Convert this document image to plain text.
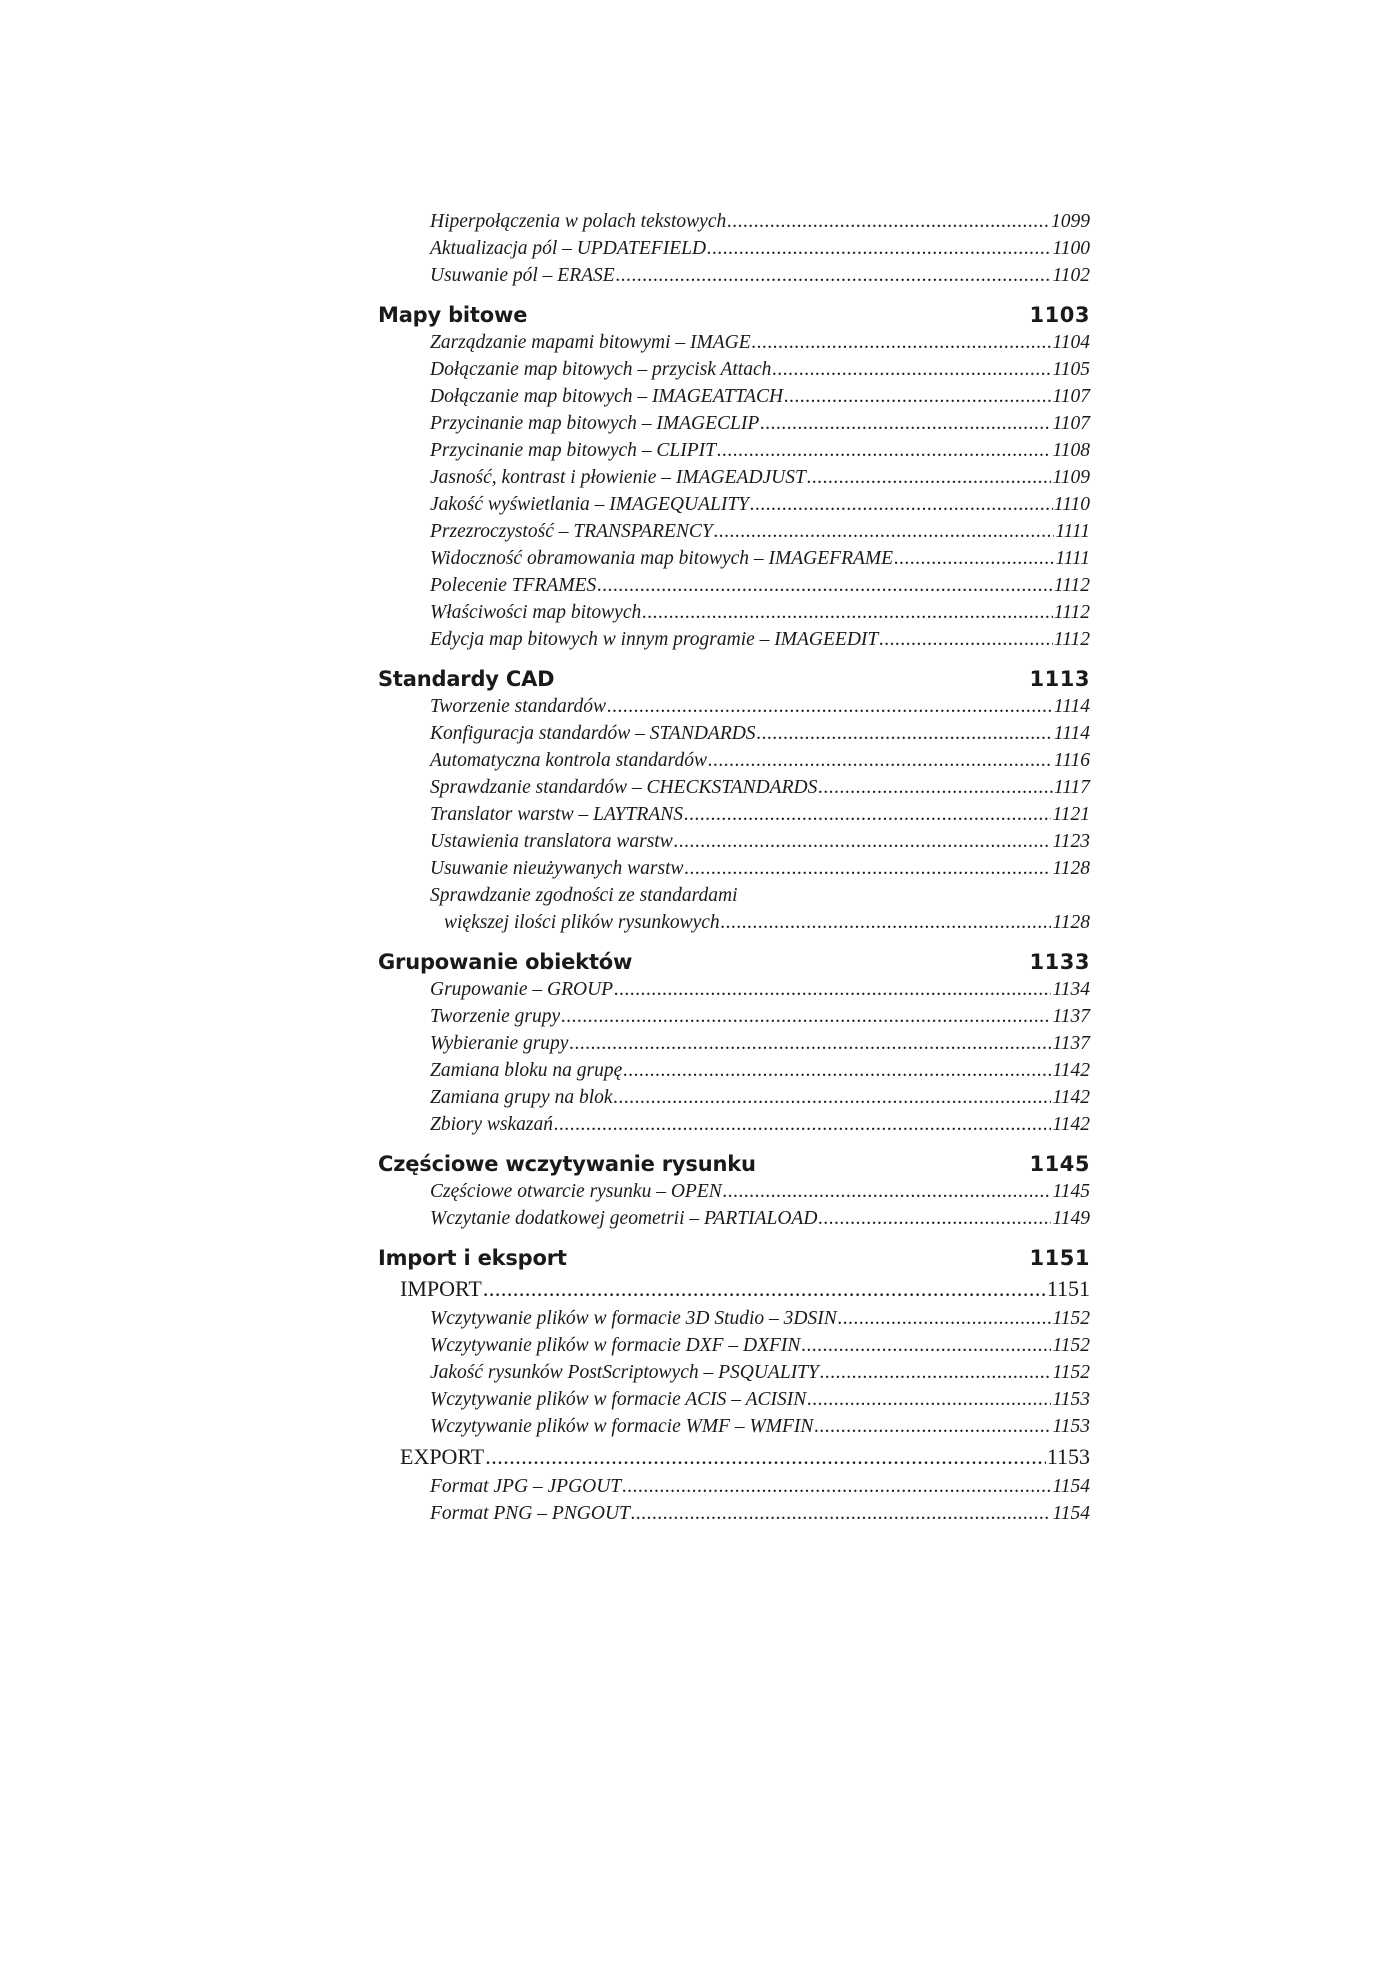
Hiperpołączenia w polach tekstowych .....	1099
Aktualizacja pól – UPDATEFIELD .....	1100
Usuwanie pól – ERASE .....	1102
Mapy bitowe	1103
Zarządzanie mapami bitowymi – IMAGE .....	1104
Dołączanie map bitowych – przycisk Attach .....	1105
Dołączanie map bitowych – IMAGEATTACH .....	1107
Przycinanie map bitowych – IMAGECLIP .....	1107
Przycinanie map bitowych – CLIPIT .....	1108
Jasność, kontrast i płowienie – IMAGEADJUST .....	1109
Jakość wyświetlania – IMAGEQUALITY .....	1110
Przezroczystość – TRANSPARENCY .....	1111
Widoczność obramowania map bitowych – IMAGEFRAME .....	1111
Polecenie TFRAMES .....	1112
Właściwości map bitowych .....	1112
Edycja map bitowych w innym programie – IMAGEEDIT .....	1112
Standardy CAD	1113
Tworzenie standardów .....	1114
Konfiguracja standardów – STANDARDS .....	1114
Automatyczna kontrola standardów .....	1116
Sprawdzanie standardów – CHECKSTANDARDS .....	1117
Translator warstw – LAYTRANS .....	1121
Ustawienia translatora warstw .....	1123
Usuwanie nieużywanych warstw .....	1128
Sprawdzanie zgodności ze standardami
większej ilości plików rysunkowych .....	1128
Grupowanie obiektów	1133
Grupowanie – GROUP .....	1134
Tworzenie grupy .....	1137
Wybieranie grupy .....	1137
Zamiana bloku na grupę .....	1142
Zamiana grupy na blok .....	1142
Zbiory wskazań .....	1142
Częściowe wczytywanie rysunku	1145
Częściowe otwarcie rysunku – OPEN .....	1145
Wczytanie dodatkowej geometrii – PARTIALOAD .....	1149
Import i eksport	1151
IMPORT .....	1151
Wczytywanie plików w formacie 3D Studio – 3DSIN .....	1152
Wczytywanie plików w formacie DXF – DXFIN .....	1152
Jakość rysunków PostScriptowych – PSQUALITY .....	1152
Wczytywanie plików w formacie ACIS – ACISIN .....	1153
Wczytywanie plików w formacie WMF – WMFIN .....	1153
EXPORT .....	1153
Format JPG – JPGOUT .....	1154
Format PNG – PNGOUT .....	1154
